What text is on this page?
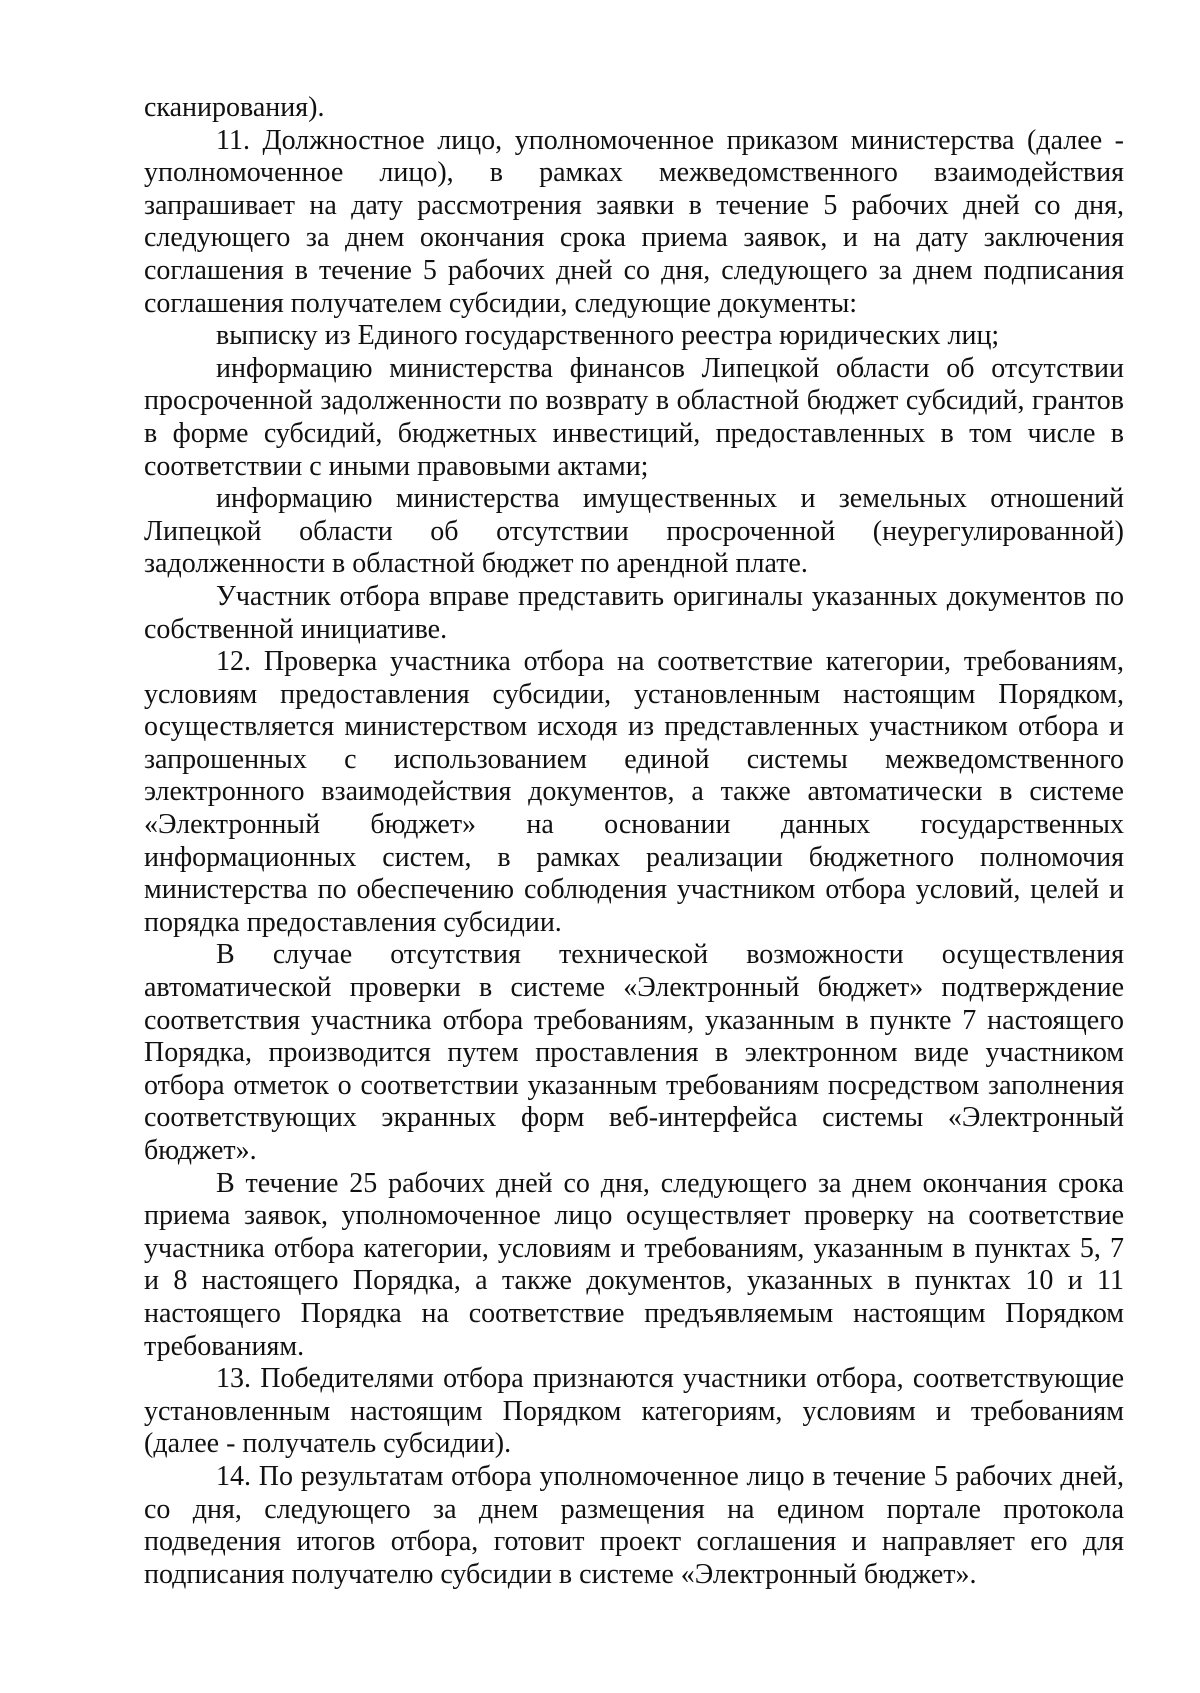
сканирования).

11. Должностное лицо, уполномоченное приказом министерства (далее - уполномоченное лицо), в рамках межведомственного взаимодействия запрашивает на дату рассмотрения заявки в течение 5 рабочих дней со дня, следующего за днем окончания срока приема заявок, и на дату заключения соглашения в течение 5 рабочих дней со дня, следующего за днем подписания соглашения получателем субсидии, следующие документы:

выписку из Единого государственного реестра юридических лиц;

информацию министерства финансов Липецкой области об отсутствии просроченной задолженности по возврату в областной бюджет субсидий, грантов в форме субсидий, бюджетных инвестиций, предоставленных в том числе в соответствии с иными правовыми актами;

информацию министерства имущественных и земельных отношений Липецкой области об отсутствии просроченной (неурегулированной) задолженности в областной бюджет по арендной плате.

Участник отбора вправе представить оригиналы указанных документов по собственной инициативе.

12. Проверка участника отбора на соответствие категории, требованиям, условиям предоставления субсидии, установленным настоящим Порядком, осуществляется министерством исходя из представленных участником отбора и запрошенных с использованием единой системы межведомственного электронного взаимодействия документов, а также автоматически в системе «Электронный бюджет» на основании данных государственных информационных систем, в рамках реализации бюджетного полномочия министерства по обеспечению соблюдения участником отбора условий, целей и порядка предоставления субсидии.

В случае отсутствия технической возможности осуществления автоматической проверки в системе «Электронный бюджет» подтверждение соответствия участника отбора требованиям, указанным в пункте 7 настоящего Порядка, производится путем проставления в электронном виде участником отбора отметок о соответствии указанным требованиям посредством заполнения соответствующих экранных форм веб-интерфейса системы «Электронный бюджет».

В течение 25 рабочих дней со дня, следующего за днем окончания срока приема заявок, уполномоченное лицо осуществляет проверку на соответствие участника отбора категории, условиям и требованиям, указанным в пунктах 5, 7 и 8 настоящего Порядка, а также документов, указанных в пунктах 10 и 11 настоящего Порядка на соответствие предъявляемым настоящим Порядком требованиям.

13. Победителями отбора признаются участники отбора, соответствующие установленным настоящим Порядком категориям, условиям и требованиям (далее - получатель субсидии).

14. По результатам отбора уполномоченное лицо в течение 5 рабочих дней, со дня, следующего за днем размещения на едином портале протокола подведения итогов отбора, готовит проект соглашения и направляет его для подписания получателю субсидии в системе «Электронный бюджет».
